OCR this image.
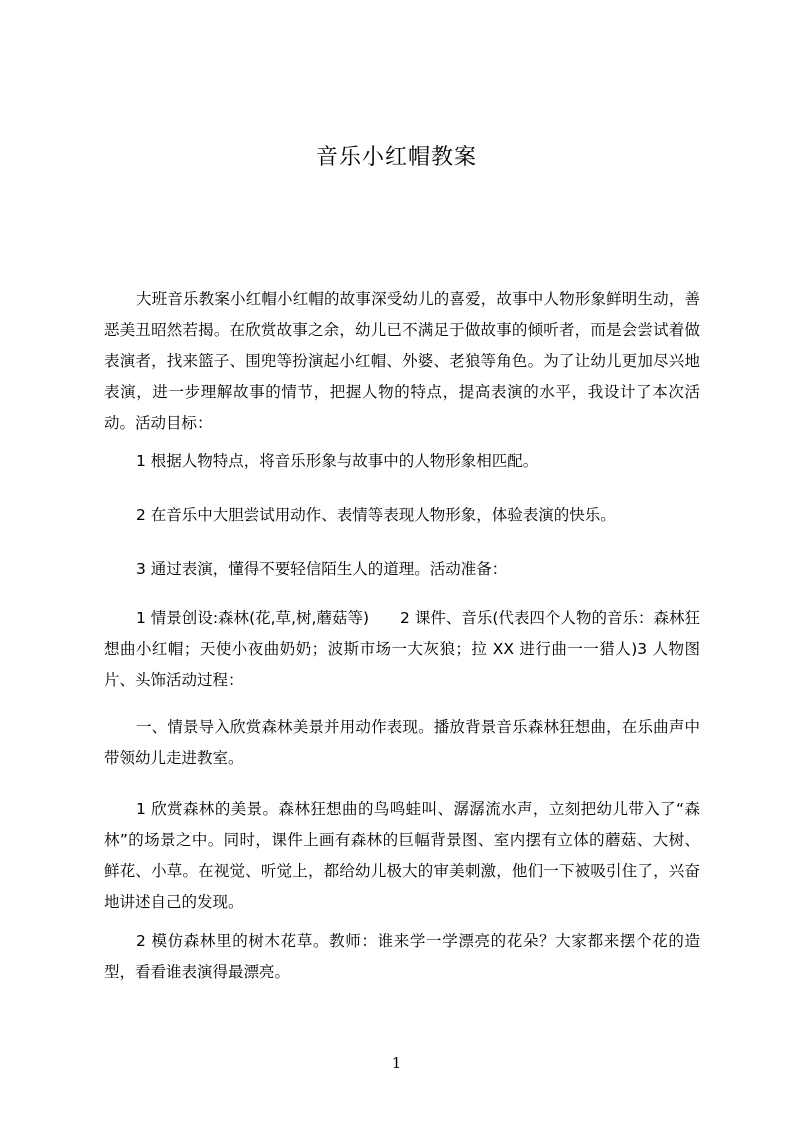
音乐小红帽教案

大班音乐教案小红帽小红帽的故事深受幼儿的喜爱，故事中人物形象鲜明生动，善恶美丑昭然若揭。在欣赏故事之余，幼儿已不满足于做故事的倾听者，而是会尝试着做表演者，找来篮子、围兜等扮演起小红帽、外婆、老狼等角色。为了让幼儿更加尽兴地表演，进一步理解故事的情节，把握人物的特点，提高表演的水平，我设计了本次活动。活动目标：

1 根据人物特点，将音乐形象与故事中的人物形象相匹配。

2 在音乐中大胆尝试用动作、表情等表现人物形象，体验表演的快乐。

3 通过表演，懂得不要轻信陌生人的道理。活动准备：

1 情景创设:森林(花,草,树,蘑菇等)　　2 课件、音乐(代表四个人物的音乐：森林狂想曲小红帽；天使小夜曲奶奶；波斯市场一大灰狼；拉 XX 进行曲一一猎人)3 人物图片、头饰活动过程：

一、情景导入欣赏森林美景并用动作表现。播放背景音乐森林狂想曲，在乐曲声中带领幼儿走进教室。

1 欣赏森林的美景。森林狂想曲的鸟鸣蛙叫、潺潺流水声，立刻把幼儿带入了“森林”的场景之中。同时，课件上画有森林的巨幅背景图、室内摆有立体的蘑菇、大树、鲜花、小草。在视觉、听觉上，都给幼儿极大的审美刺激，他们一下被吸引住了，兴奋地讲述自己的发现。

2 模仿森林里的树木花草。教师：谁来学一学漂亮的花朵？大家都来摆个花的造型，看看谁表演得最漂亮。

1
